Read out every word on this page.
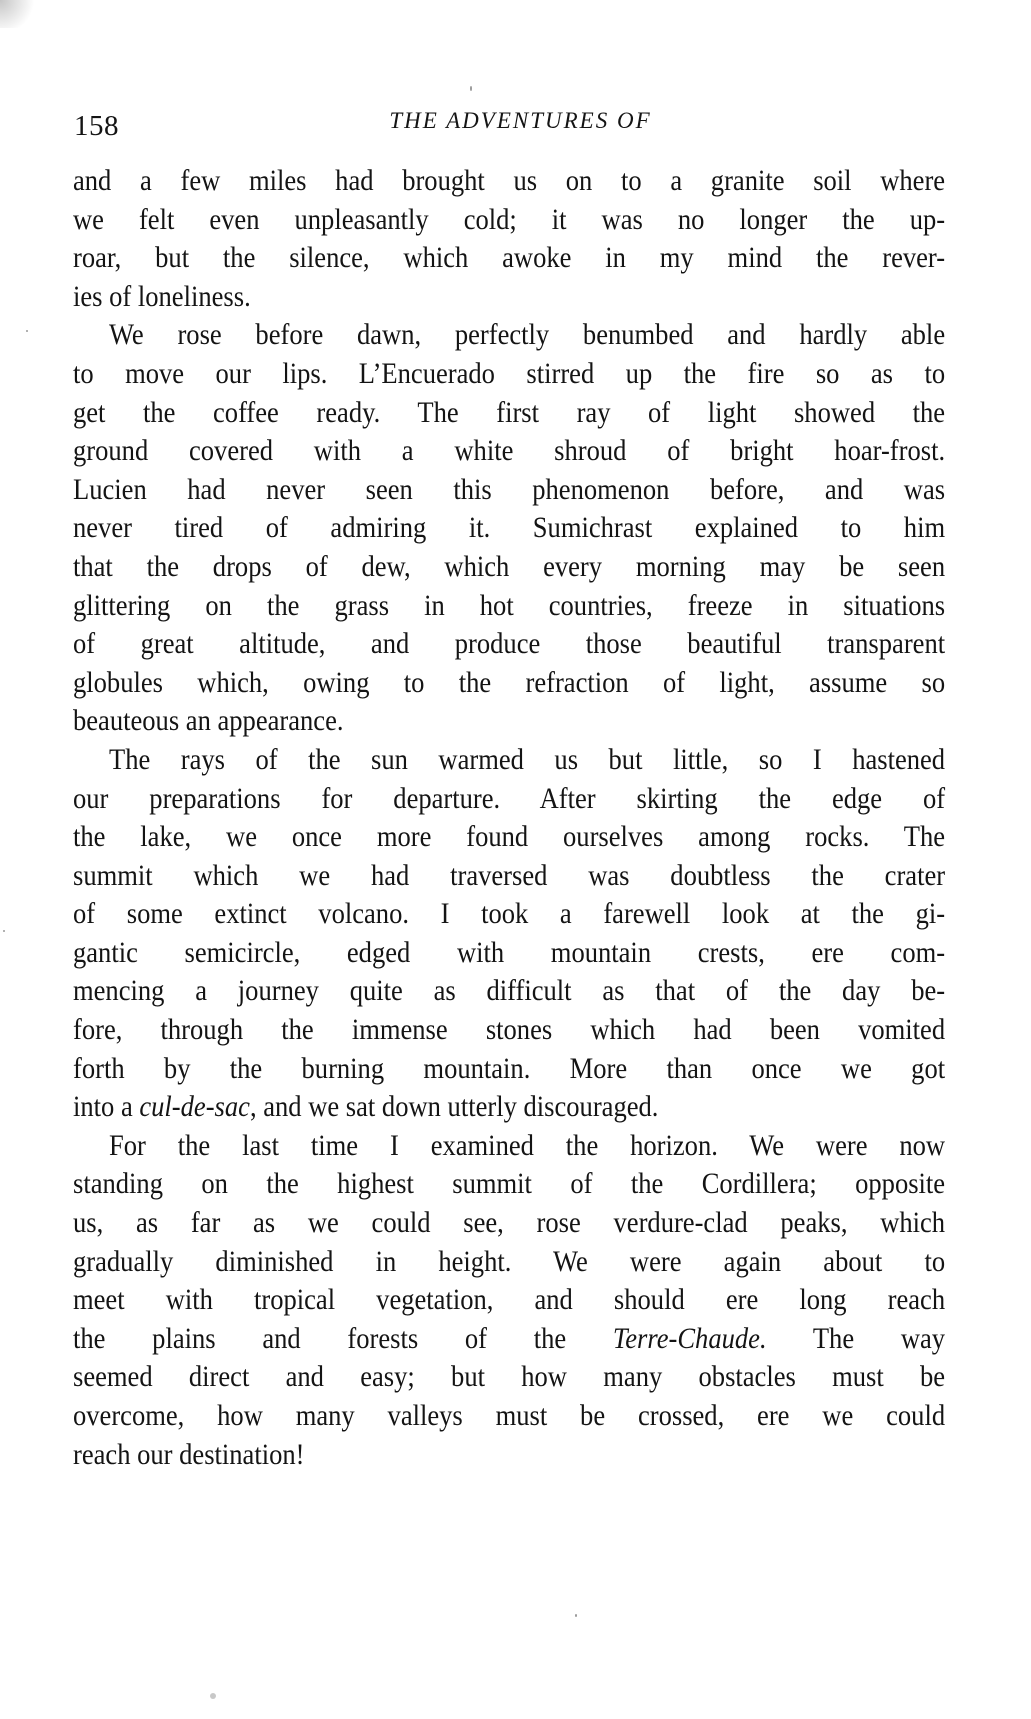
158	THE ADVENTURES OF
and a few miles had brought us on to a granite soil where
we felt even unpleasantly cold; it was no longer the up-
roar, but the silence, which awoke in my mind the rever-
ies of loneliness.
We rose before dawn, perfectly benumbed and hardly able
to move our lips. L’Encuerado stirred up the fire so as to
get the coffee ready. The first ray of light showed the
ground covered with a white shroud of bright hoar-frost.
Lucien had never seen this phenomenon before, and was
never tired of admiring it. Sumichrast explained to him
that the drops of dew, which every morning may be seen
glittering on the grass in hot countries, freeze in situations
of great altitude, and produce those beautiful transparent
globules which, owing to the refraction of light, assume so
beauteous an appearance.
The rays of the sun warmed us but little, so I hastened
our preparations for departure. After skirting the edge of
the lake, we once more found ourselves among rocks. The
summit which we had traversed was doubtless the crater
of some extinct volcano. I took a farewell look at the gi-
gantic semicircle, edged with mountain crests, ere com-
mencing a journey quite as difficult as that of the day be-
fore, through the immense stones which had been vomited
forth by the burning mountain. More than once we got
into a cul-de-sac, and we sat down utterly discouraged.
For the last time I examined the horizon. We were now
standing on the highest summit of the Cordillera; opposite
us, as far as we could see, rose verdure-clad peaks, which
gradually diminished in height. We were again about to
meet with tropical vegetation, and should ere long reach
the plains and forests of the Terre-Chaude. The way
seemed direct and easy; but how many obstacles must be
overcome, how many valleys must be crossed, ere we could
reach our destination!
